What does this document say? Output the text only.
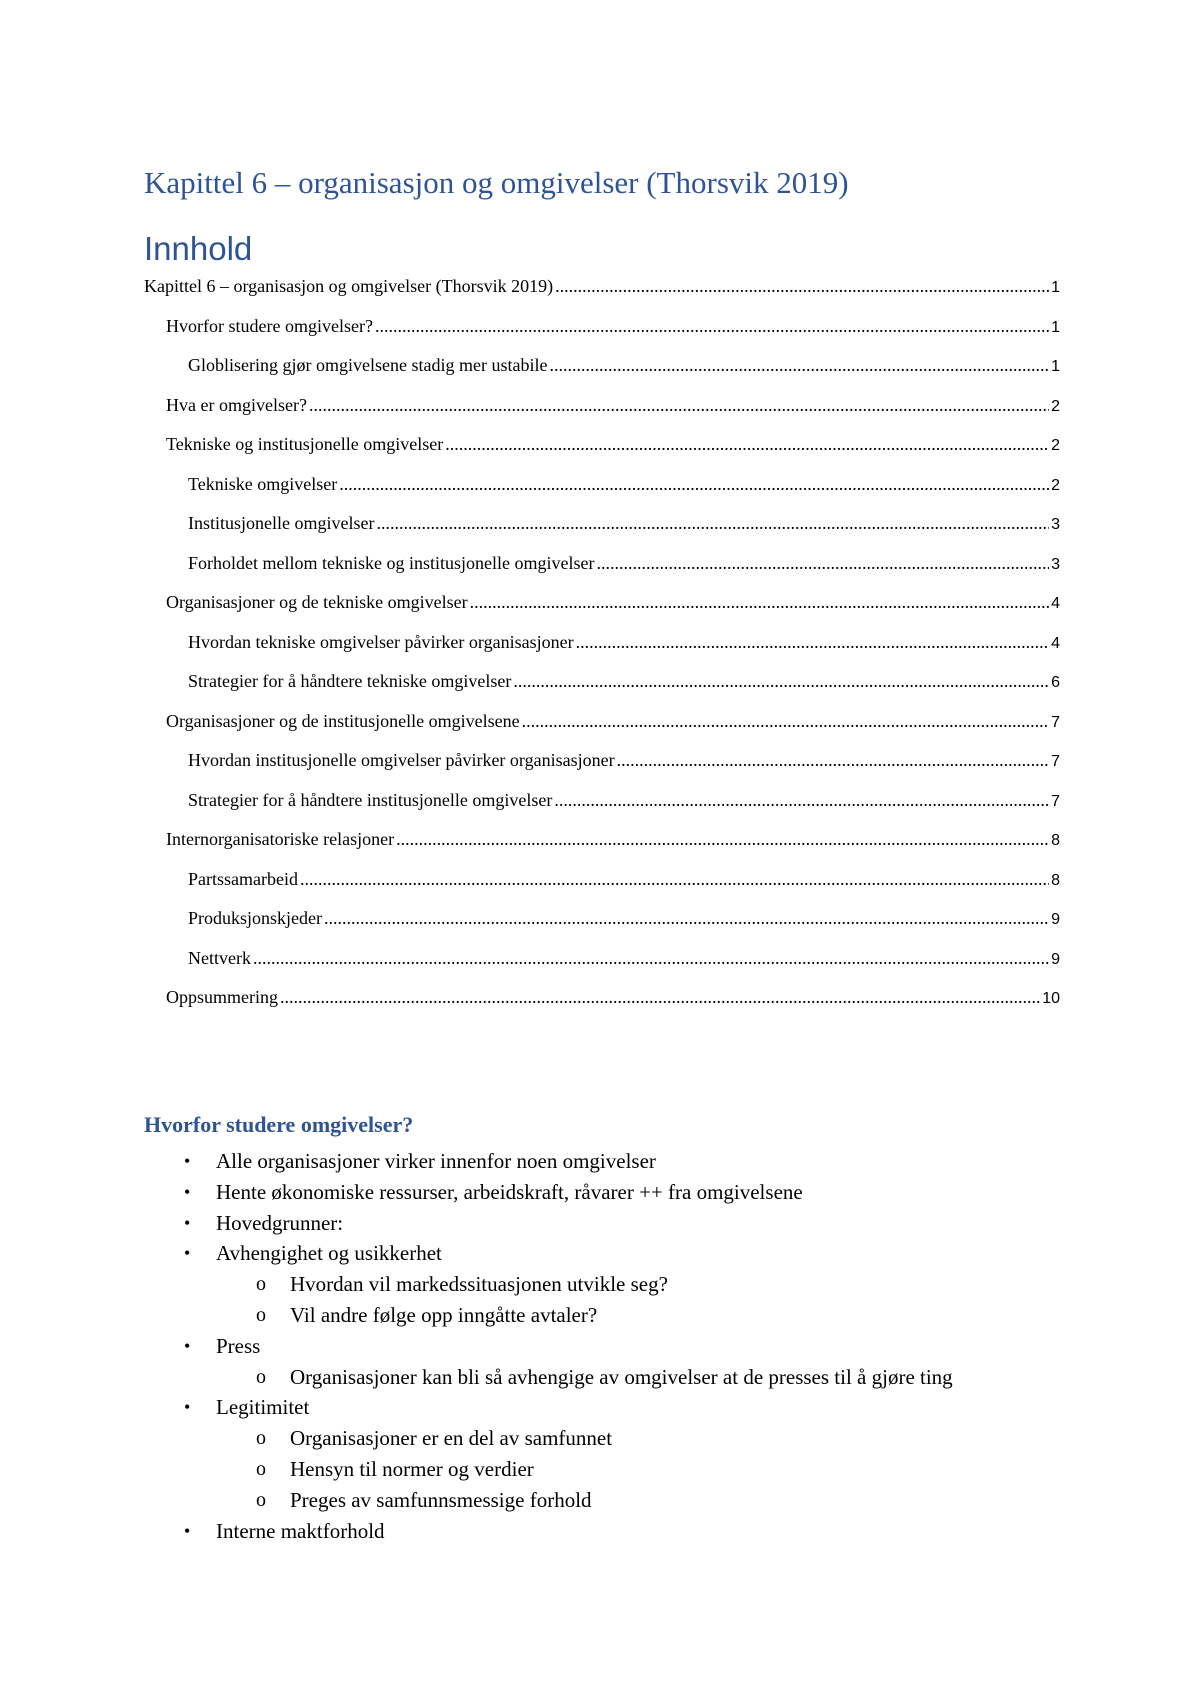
Kapittel 6 – organisasjon og omgivelser (Thorsvik 2019)
Innhold
Kapittel 6 – organisasjon og omgivelser (Thorsvik 2019) .....	1
Hvorfor studere omgivelser? .....	1
Globlisering gjør omgivelsene stadig mer ustabile .....	1
Hva er omgivelser? .....	2
Tekniske og institusjonelle omgivelser .....	2
Tekniske omgivelser .....	2
Institusjonelle omgivelser .....	3
Forholdet mellom tekniske og institusjonelle omgivelser .....	3
Organisasjoner og de tekniske omgivelser .....	4
Hvordan tekniske omgivelser påvirker organisasjoner .....	4
Strategier for å håndtere tekniske omgivelser .....	6
Organisasjoner og de institusjonelle omgivelsene .....	7
Hvordan institusjonelle omgivelser påvirker organisasjoner .....	7
Strategier for å håndtere institusjonelle omgivelser .....	7
Internorganisatoriske relasjoner .....	8
Partssamarbeid .....	8
Produksjonskjeder .....	9
Nettverk .....	9
Oppsummering .....	10
Hvorfor studere omgivelser?
• Alle organisasjoner virker innenfor noen omgivelser
• Hente økonomiske ressurser, arbeidskraft, råvarer ++ fra omgivelsene
• Hovedgrunner:
• Avhengighet og usikkerhet
o Hvordan vil markedssituasjonen utvikle seg?
o Vil andre følge opp inngåtte avtaler?
• Press
o Organisasjoner kan bli så avhengige av omgivelser at de presses til å gjøre ting
• Legitimitet
o Organisasjoner er en del av samfunnet
o Hensyn til normer og verdier
o Preges av samfunnsmessige forhold
• Interne maktforhold
